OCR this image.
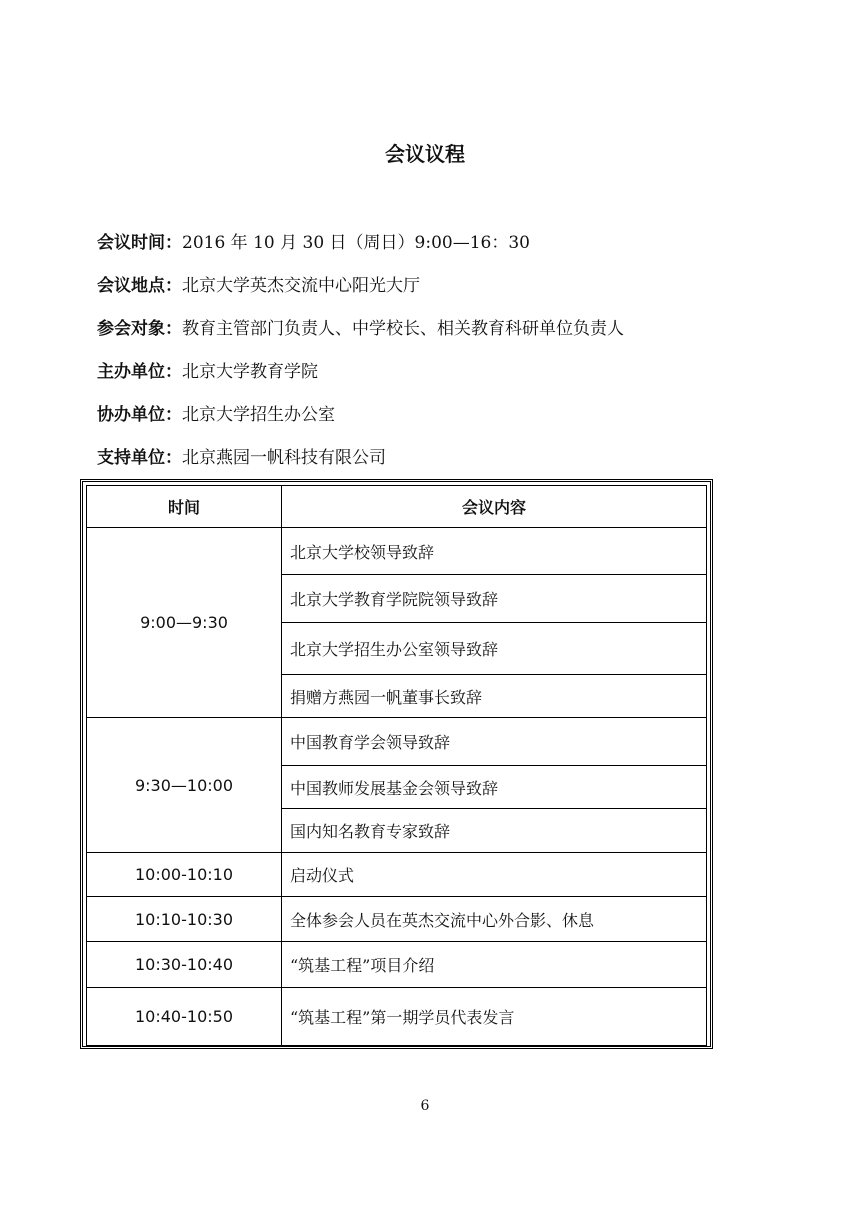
会议议程
会议时间：2016 年 10 月 30 日（周日）9:00—16：30
会议地点：北京大学英杰交流中心阳光大厅
参会对象：教育主管部门负责人、中学校长、相关教育科研单位负责人
主办单位：北京大学教育学院
协办单位：北京大学招生办公室
支持单位：北京燕园一帆科技有限公司
时间	会议内容
9:00—9:30	北京大学校领导致辞
	北京大学教育学院院领导致辞
	北京大学招生办公室领导致辞
	捐赠方燕园一帆董事长致辞
9:30—10:00	中国教育学会领导致辞
	中国教师发展基金会领导致辞
	国内知名教育专家致辞
10:00-10:10	启动仪式
10:10-10:30	全体参会人员在英杰交流中心外合影、休息
10:30-10:40	“筑基工程”项目介绍
10:40-10:50	“筑基工程”第一期学员代表发言
6
